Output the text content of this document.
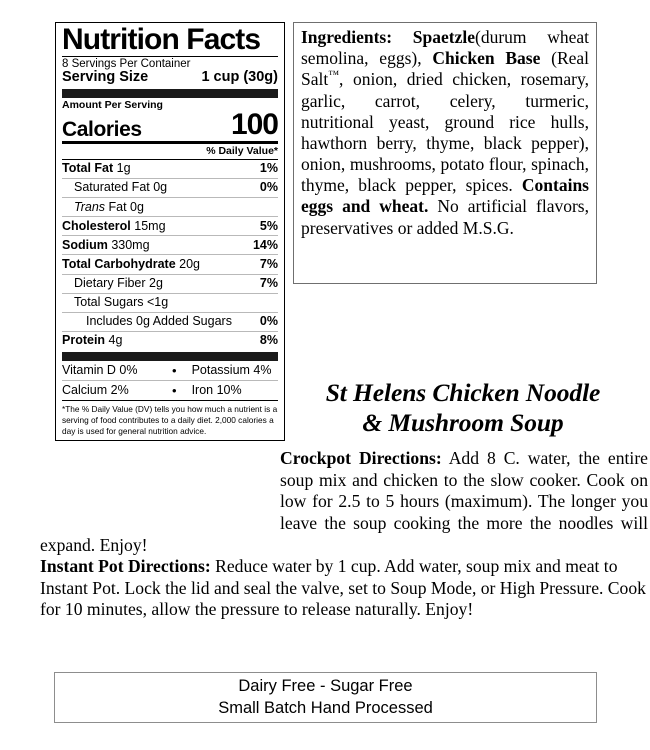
Nutrition Facts
8 Servings Per Container
Serving Size	1 cup (30g)
Amount Per Serving
Calories	100
% Daily Value*
Total Fat 1g	1%
Saturated Fat 0g	0%
Trans Fat 0g
Cholesterol 15mg	5%
Sodium 330mg	14%
Total Carbohydrate 20g	7%
Dietary Fiber 2g	7%
Total Sugars <1g
Includes 0g Added Sugars 0%
Protein 4g	8%
Vitamin D 0%	•	Potassium 4%
Calcium 2%	•	Iron 10%
*The % Daily Value (DV) tells you how much a nutrient is a serving of food contributes to a daily diet. 2,000 calories a day is used for general nutrition advice.
Ingredients: Spaetzle(durum wheat semolina, eggs), Chicken Base (Real Salt™, onion, dried chicken, rosemary, garlic, carrot, celery, turmeric, nutritional yeast, ground rice hulls, hawthorn berry, thyme, black pepper), onion, mushrooms, potato flour, spinach, thyme, black pepper, spices. Contains eggs and wheat. No artificial flavors, preservatives or added M.S.G.
St Helens Chicken Noodle
& Mushroom Soup

Crockpot Directions: Add 8 C. water, the entire soup mix and chicken to the slow cooker. Cook on low for 2.5 to 5 hours (maximum). The longer you leave the soup cooking the more the noodles will expand. Enjoy!

Instant Pot Directions: Reduce water by 1 cup. Add water, soup mix and meat to Instant Pot. Lock the lid and seal the valve, set to Soup Mode, or High Pressure. Cook for 10 minutes, allow the pressure to release naturally. Enjoy!

Dairy Free - Sugar Free
Small Batch Hand Processed
